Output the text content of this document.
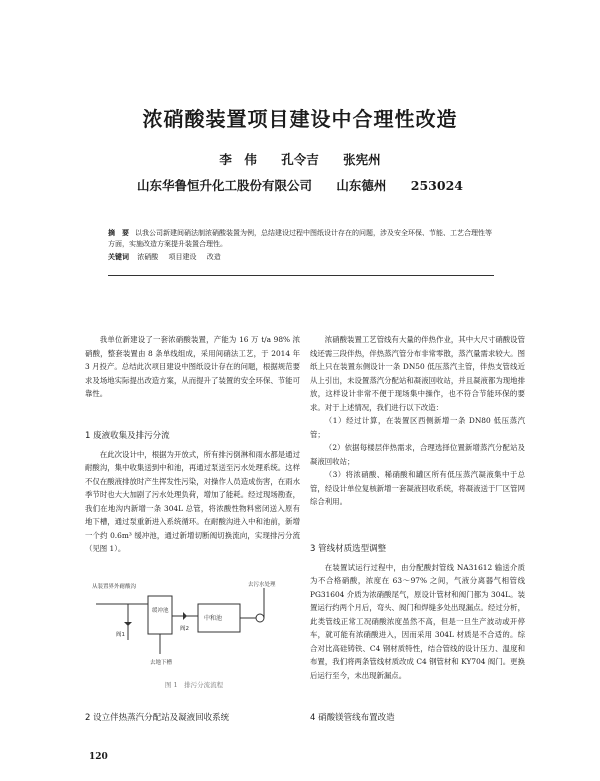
浓硝酸装置项目建设中合理性改造
李　伟 孔令吉 张宪州
山东华鲁恒升化工股份有限公司 山东德州 253024
摘　要 以我公司新建间硝法制浓硝酸装置为例，总结建设过程中图纸设计存在的问题，涉及安全环保、节能、工艺合理性等方面，实施改造方案提升装置合理性。
关键词 浓硝酸 项目建设 改造

我单位新建设了一套浓硝酸装置，产能为 16 万 t/a 98% 浓硝酸，整套装置由 8 条单线组成，采用间硝法工艺，于 2014 年 3 月投产。总结此次项目建设中图纸设计存在的问题，根据规范要求及场地实际提出改造方案，从而提升了装置的安全环保、节能可靠性。

1 废液收集及排污分流

在此次设计中，根据为开放式，所有排污倒淋和雨水都是通过耐酸沟，集中收集送到中和池，再通过泵送至污水处理系统。这样不仅在酸液排放时产生挥发性污染，对操作人员造成伤害，在雨水季节时也大大加剧了污水处理负荷，增加了能耗。经过现场勘查，我们在地沟内新增一条 304L 总管，将浓酸性物料密闭送入原有地下槽，通过泵重新进入系统循环。在耐酸沟进入中和池前，新增一个约 0.6m³ 缓冲池，通过新增切断阀切换流向，实现排污分流（见图 1）。

从装置界外耐酸沟
缓冲池
中和池
去污水处理
阀1
阀2
去地下槽
图 1　排污分流流程

2 设立伴热蒸汽分配站及凝液回收系统

浓硝酸装置工艺管线有大量的伴热作业，其中大尺寸硝酸设管线还需三段伴热，伴热蒸汽管分布非常零散，蒸汽量需求较大。图纸上只在装置东侧设计一条 DN50 低压蒸汽主管，伴热支管线近从上引出，未设置蒸汽分配站和凝液回收站，并且凝液都为现地排放，这样设计非常不便于现场集中操作，也不符合节能环保的要求。对于上述情况，我们进行以下改造：

（1）经过计算，在装置区西侧新增一条 DN80 低压蒸汽管；

（2）依据每楼层伴热需求，合理选择位置新增蒸汽分配站及凝液回收站；

（3）将浓硝酸、稀硝酸和罐区所有低压蒸汽凝液集中于总管，经设计单位复核新增一套凝液回收系统，将凝液送于厂区管网综合利用。

3 管线材质选型调整

在装置试运行过程中，由分配酸封管线 NA31612 输送介质为不合格硝酸，浓度在 63～97% 之间，气液分离器气相管线 PG31604 介质为浓硝酸尾气，原设计管材和阀门都为 304L。装置运行约两个月后，弯头、阀门和焊缝多处出现漏点。经过分析，此类管线正常工况硝酸浓度虽然不高，但是一旦生产波动或开停车，就可能有浓硝酸进入，因而采用 304L 材质是不合适的。综合对比高硅铸铁、C4 钢材质特性，结合管线的设计压力、温度和布置，我们将两条管线材质改成 C4 钢管材和 KY704 阀门。更换后运行至今，未出现新漏点。

4 硝酸镁管线布置改造

120
